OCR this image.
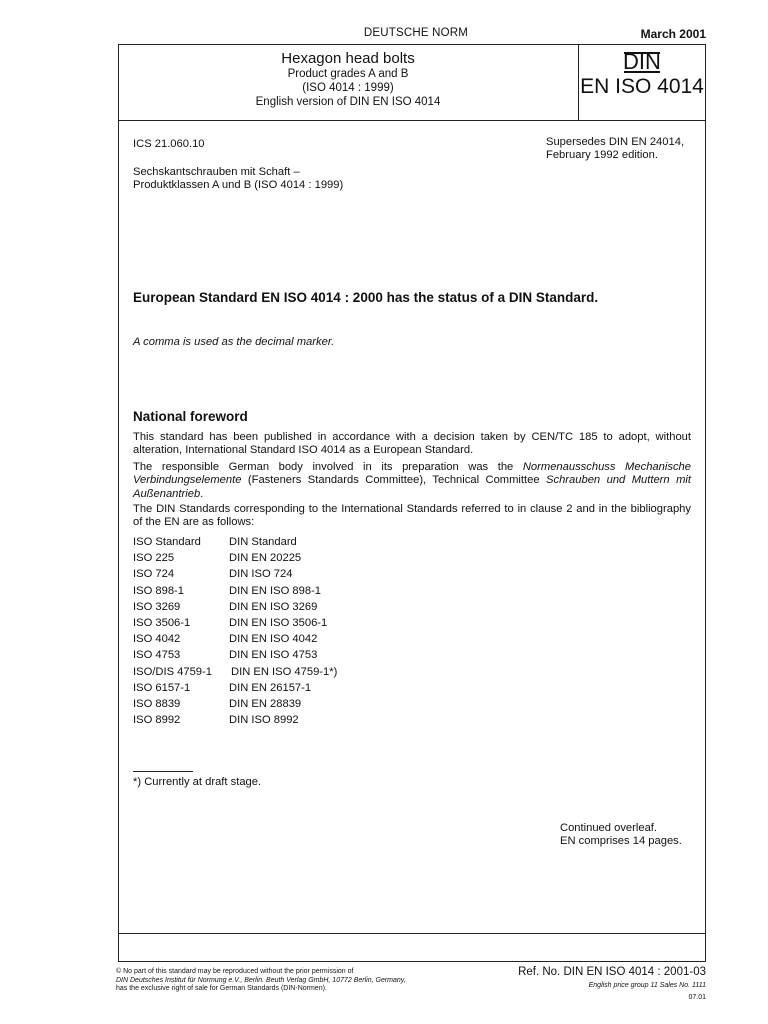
DEUTSCHE NORM	March 2001
Hexagon head bolts
Product grades A and B
(ISO 4014 : 1999)
English version of DIN EN ISO 4014
DIN
EN ISO 4014
ICS 21.060.10	Supersedes DIN EN 24014,
February 1992 edition.
Sechskantschrauben mit Schaft –
Produktklassen A und B (ISO 4014 : 1999)
European Standard EN ISO 4014 : 2000 has the status of a DIN Standard.
A comma is used as the decimal marker.
National foreword
This standard has been published in accordance with a decision taken by CEN/TC 185 to adopt, without alteration, International Standard ISO 4014 as a European Standard.
The responsible German body involved in its preparation was the Normenausschuss Mechanische Verbindungselemente (Fasteners Standards Committee), Technical Committee Schrauben und Muttern mit Außenantrieb.
The DIN Standards corresponding to the International Standards referred to in clause 2 and in the bibliography of the EN are as follows:
ISO Standard	DIN Standard
ISO 225	DIN EN 20225
ISO 724	DIN ISO 724
ISO 898-1	DIN EN ISO 898-1
ISO 3269	DIN EN ISO 3269
ISO 3506-1	DIN EN ISO 3506-1
ISO 4042	DIN EN ISO 4042
ISO 4753	DIN EN ISO 4753
ISO/DIS 4759-1 DIN EN ISO 4759-1*)
ISO 6157-1	DIN EN 26157-1
ISO 8839	DIN EN 28839
ISO 8992	DIN ISO 8992
*) Currently at draft stage.
Continued overleaf.
EN comprises 14 pages.
© No part of this standard may be reproduced without the prior permission of
DIN Deutsches Institut für Normung e.V., Berlin. Beuth Verlag GmbH, 10772 Berlin, Germany,
has the exclusive right of sale for German Standards (DIN-Normen).
Ref. No. DIN EN ISO 4014 : 2001-03
English price group 11 Sales No. 1111
07.01
